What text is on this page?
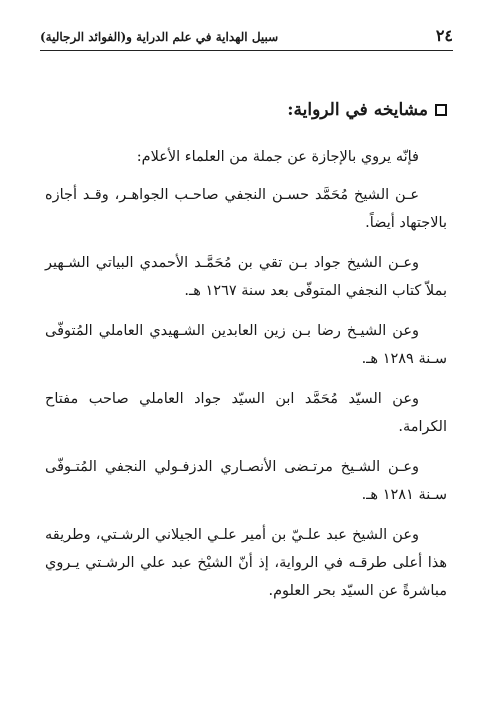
٢٤
سبيل الهداية في علم الدراية و(الفوائد الرجالية)
مشايخه في الرواية:

فإنّه يروي بالإجازة عن جملة من العلماء الأعلام:

عـن الشيخ مُحَمَّد حسـن النجفي صاحـب الجواهـر، وقـد أجازه بالاجتهاد أيضاً.

وعـن الشيخ جواد بـن تقي بن مُحَمَّـد الأحمدي البياتي الشـهير بملاّ كتاب النجفي المتوفّى بعد سنة ١٢٦٧ هـ.

وعن الشيـخ رضا بـن زين العابدين الشـهيدي العاملي المُتوفّى سـنة ١٢٨٩ هـ.

وعن السيّد مُحَمَّد ابن السيّد جواد العاملي صاحب مفتاح الكرامة.

وعـن الشـيخ مرتـضى الأنصـاري الدزفـولي النجفي المُتـوفّى سـنة ١٢٨١ هـ.

وعن الشيخ عبد علـيّ بن أمير علـي الجيلاني الرشـتي، وطريقه هذا أعلى طرقـه في الرواية، إذ أنّ الشيْخ عبد علي الرشـتي يـروي مباشرةً عن السيّد بحر العلوم.
